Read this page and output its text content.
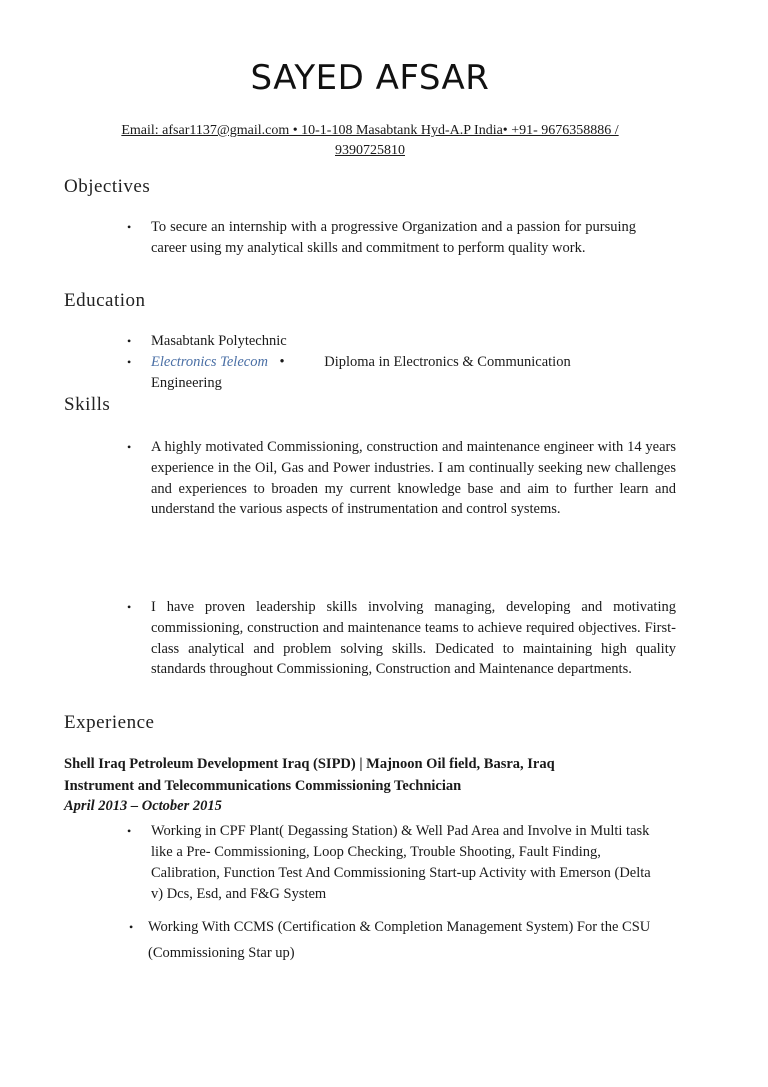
SAYED AFSAR
Email: afsar1137@gmail.com • 10-1-108 Masabtank Hyd-A.P India• +91- 9676358886 /
9390725810
Objectives
• To secure an internship with a progressive Organization and a passion for pursuing career using my analytical skills and commitment to perform quality work.
Education
• Masabtank Polytechnic
• Electronics Telecom •	Diploma in Electronics & Communication
Engineering
Skills
• A highly motivated Commissioning, construction and maintenance engineer with 14 years experience in the Oil, Gas and Power industries. I am continually seeking new challenges and experiences to broaden my current knowledge base and aim to further learn and understand the various aspects of instrumentation and control systems.
• I have proven leadership skills involving managing, developing and motivating commissioning, construction and maintenance teams to achieve required objectives. First-class analytical and problem solving skills. Dedicated to maintaining high quality standards throughout Commissioning, Construction and Maintenance departments.
Experience
Shell Iraq Petroleum Development Iraq (SIPD) | Majnoon Oil field, Basra, Iraq
Instrument and Telecommunications Commissioning Technician
April 2013 – October 2015
• Working in CPF Plant( Degassing Station) & Well Pad Area and Involve in Multi task like a Pre- Commissioning, Loop Checking, Trouble Shooting, Fault Finding, Calibration, Function Test And Commissioning Start-up Activity with Emerson (Delta v) Dcs, Esd, and F&G System
• Working With CCMS (Certification & Completion Management System) For the CSU (Commissioning Star up)
